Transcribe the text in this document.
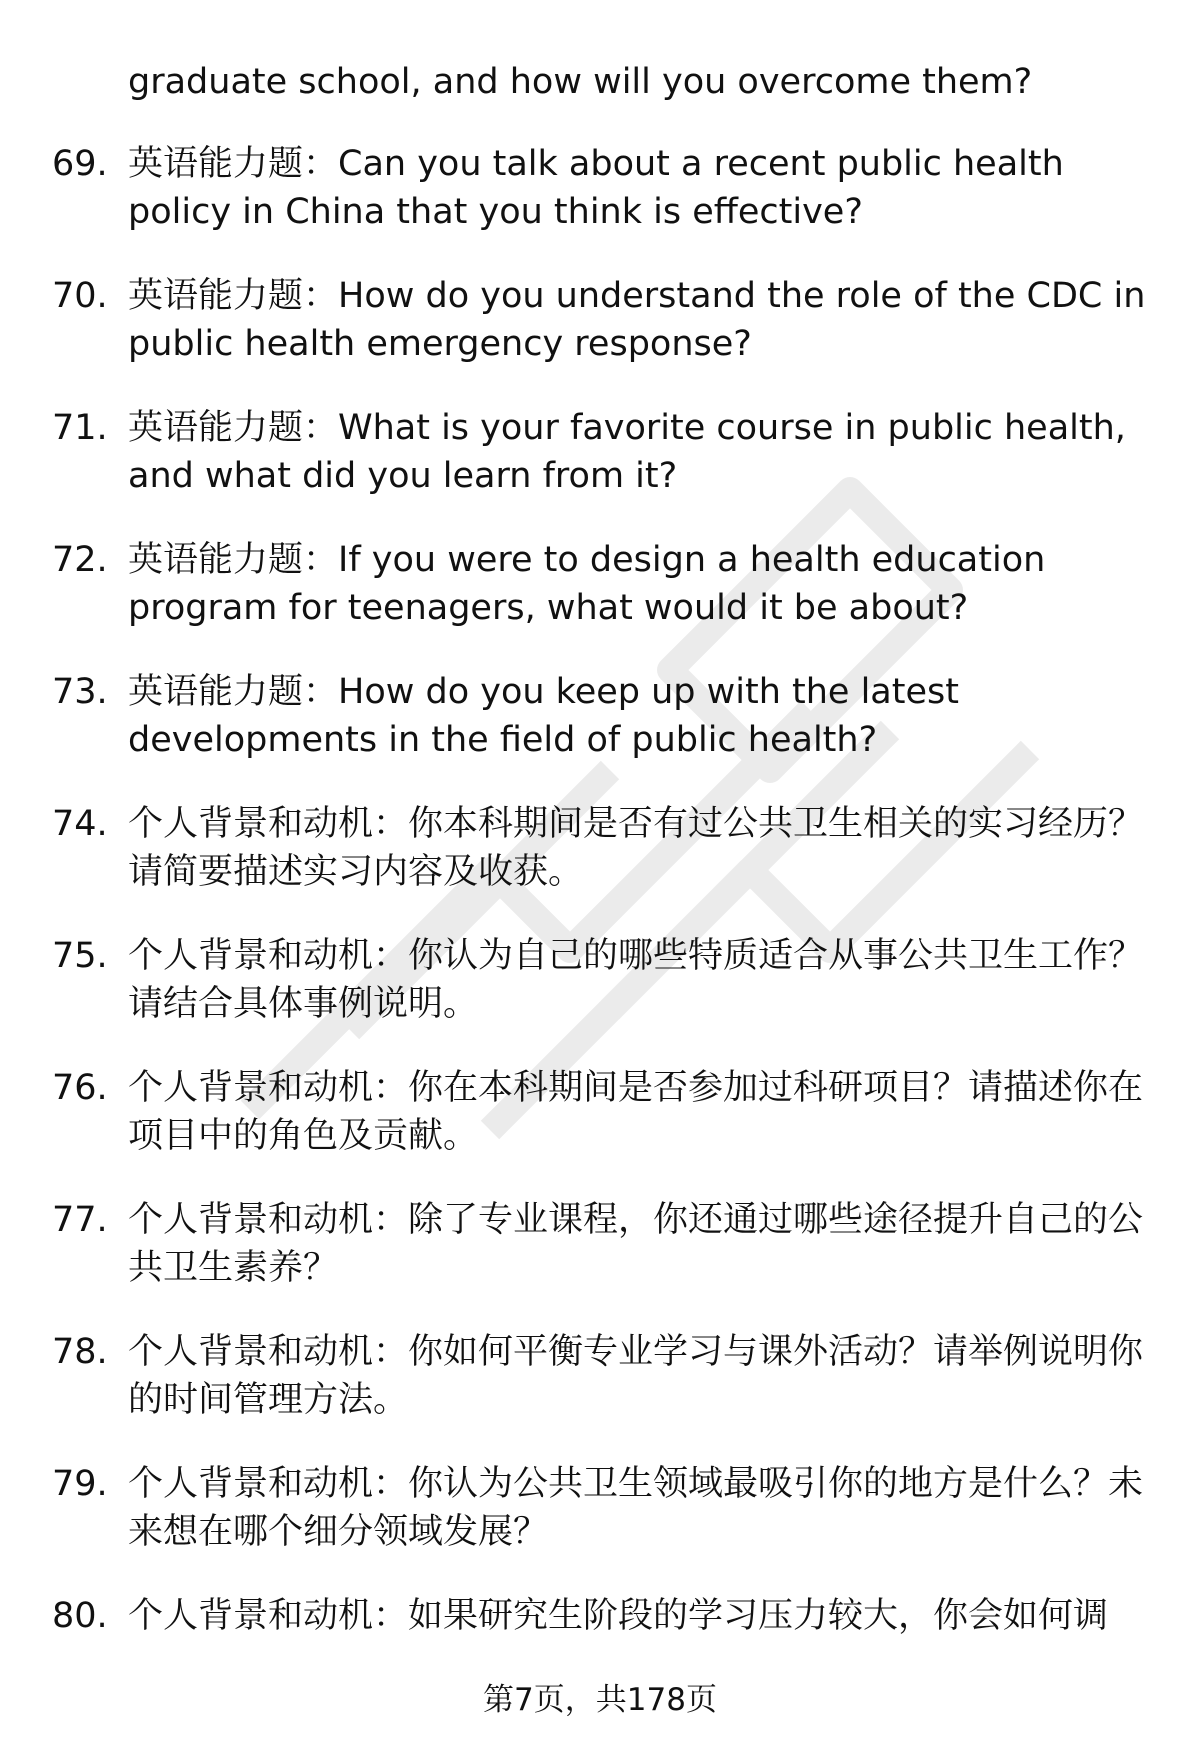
graduate school, and how will you overcome them?

69. 英语能力题：Can you talk about a recent public health policy in China that you think is effective?

70. 英语能力题：How do you understand the role of the CDC in public health emergency response?

71. 英语能力题：What is your favorite course in public health, and what did you learn from it?

72. 英语能力题：If you were to design a health education program for teenagers, what would it be about?

73. 英语能力题：How do you keep up with the latest developments in the field of public health?

74. 个人背景和动机：你本科期间是否有过公共卫生相关的实习经历？请简要描述实习内容及收获。

75. 个人背景和动机：你认为自己的哪些特质适合从事公共卫生工作？请结合具体事例说明。

76. 个人背景和动机：你在本科期间是否参加过科研项目？请描述你在项目中的角色及贡献。

77. 个人背景和动机：除了专业课程，你还通过哪些途径提升自己的公共卫生素养？

78. 个人背景和动机：你如何平衡专业学习与课外活动？请举例说明你的时间管理方法。

79. 个人背景和动机：你认为公共卫生领域最吸引你的地方是什么？未来想在哪个细分领域发展？

80. 个人背景和动机：如果研究生阶段的学习压力较大，你会如何调

第7页，共178页
